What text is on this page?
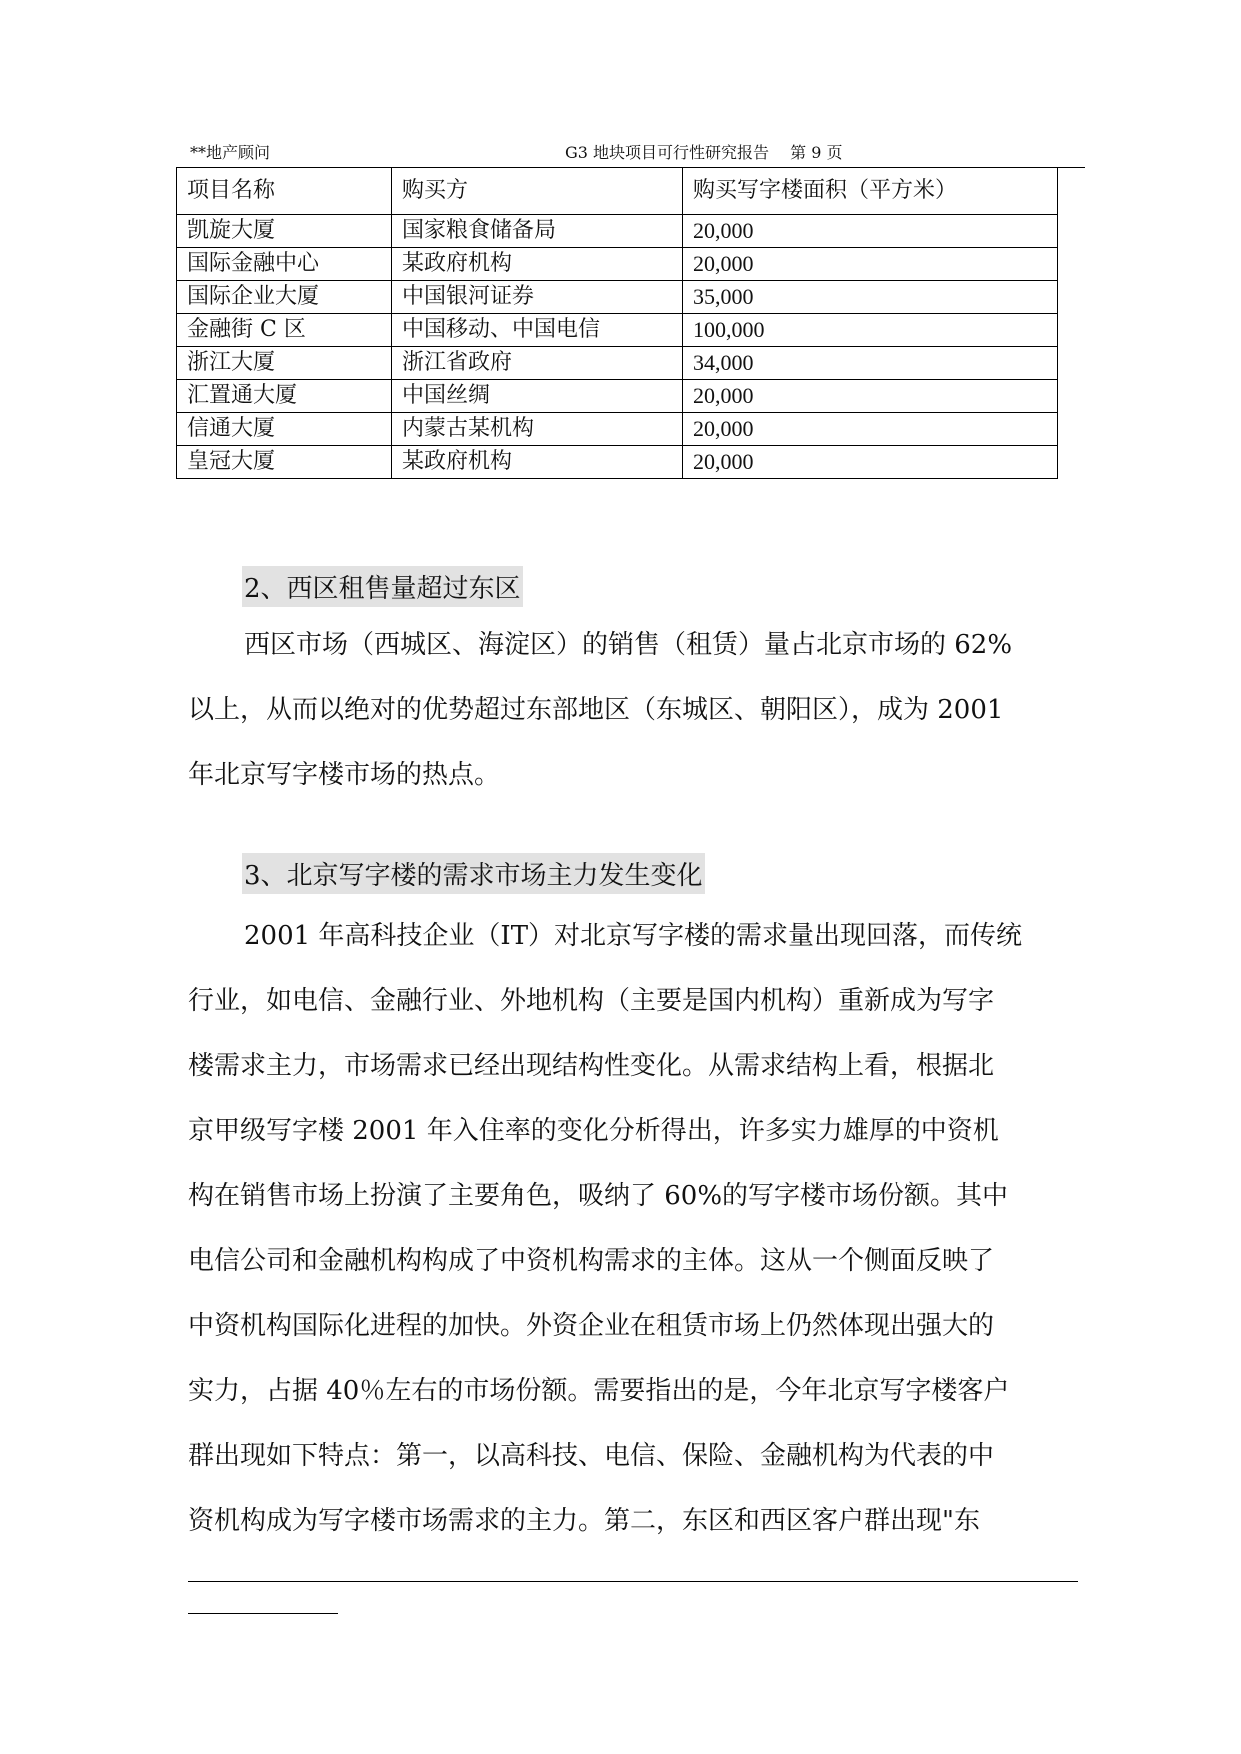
**地产顾问	G3 地块项目可行性研究报告　 第 9 页
项目名称	购买方	购买写字楼面积（平方米）
凯旋大厦	国家粮食储备局	20,000
国际金融中心	某政府机构	20,000
国际企业大厦	中国银河证券	35,000
金融街 C 区	中国移动、中国电信	100,000
浙江大厦	浙江省政府	34,000
汇置通大厦	中国丝绸	20,000
信通大厦	内蒙古某机构	20,000
皇冠大厦	某政府机构	20,000
2、西区租售量超过东区
西区市场（西城区、海淀区）的销售（租赁）量占北京市场的 62%
以上，从而以绝对的优势超过东部地区（东城区、朝阳区），成为 2001
年北京写字楼市场的热点。
3、北京写字楼的需求市场主力发生变化
2001 年高科技企业（IT）对北京写字楼的需求量出现回落，而传统
行业，如电信、金融行业、外地机构（主要是国内机构）重新成为写字
楼需求主力，市场需求已经出现结构性变化。从需求结构上看，根据北
京甲级写字楼 2001 年入住率的变化分析得出，许多实力雄厚的中资机
构在销售市场上扮演了主要角色，吸纳了 60%的写字楼市场份额。其中
电信公司和金融机构构成了中资机构需求的主体。这从一个侧面反映了
中资机构国际化进程的加快。外资企业在租赁市场上仍然体现出强大的
实力，占据 40％左右的市场份额。需要指出的是，今年北京写字楼客户
群出现如下特点：第一，以高科技、电信、保险、金融机构为代表的中
资机构成为写字楼市场需求的主力。第二，东区和西区客户群出现"东
